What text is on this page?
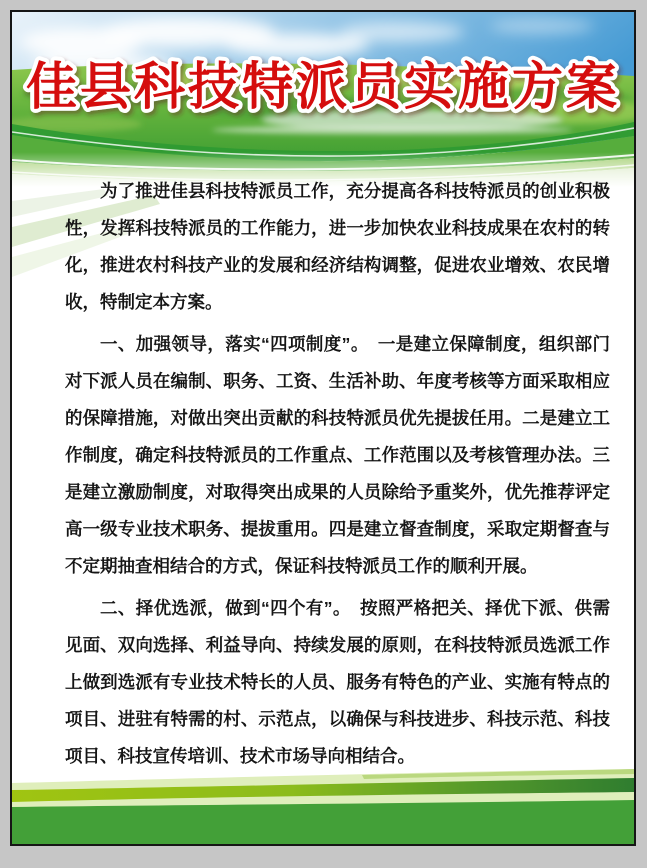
佳县科技特派员实施方案

为了推进佳县科技特派员工作，充分提高各科技特派员的创业积极性，发挥科技特派员的工作能力，进一步加快农业科技成果在农村的转化，推进农村科技产业的发展和经济结构调整，促进农业增效、农民增收，特制定本方案。

一、加强领导，落实“四项制度”。　一是建立保障制度，组织部门对下派人员在编制、职务、工资、生活补助、年度考核等方面采取相应的保障措施，对做出突出贡献的科技特派员优先提拔任用。二是建立工作制度，确定科技特派员的工作重点、工作范围以及考核管理办法。三是建立激励制度，对取得突出成果的人员除给予重奖外，优先推荐评定高一级专业技术职务、提拔重用。四是建立督查制度，采取定期督查与不定期抽查相结合的方式，保证科技特派员工作的顺利开展。

二、择优选派，做到“四个有”。　按照严格把关、择优下派、供需见面、双向选择、利益导向、持续发展的原则，在科技特派员选派工作上做到选派有专业技术特长的人员、服务有特色的产业、实施有特点的项目、进驻有特需的村、示范点，以确保与科技进步、科技示范、科技项目、科技宣传培训、技术市场导向相结合。
